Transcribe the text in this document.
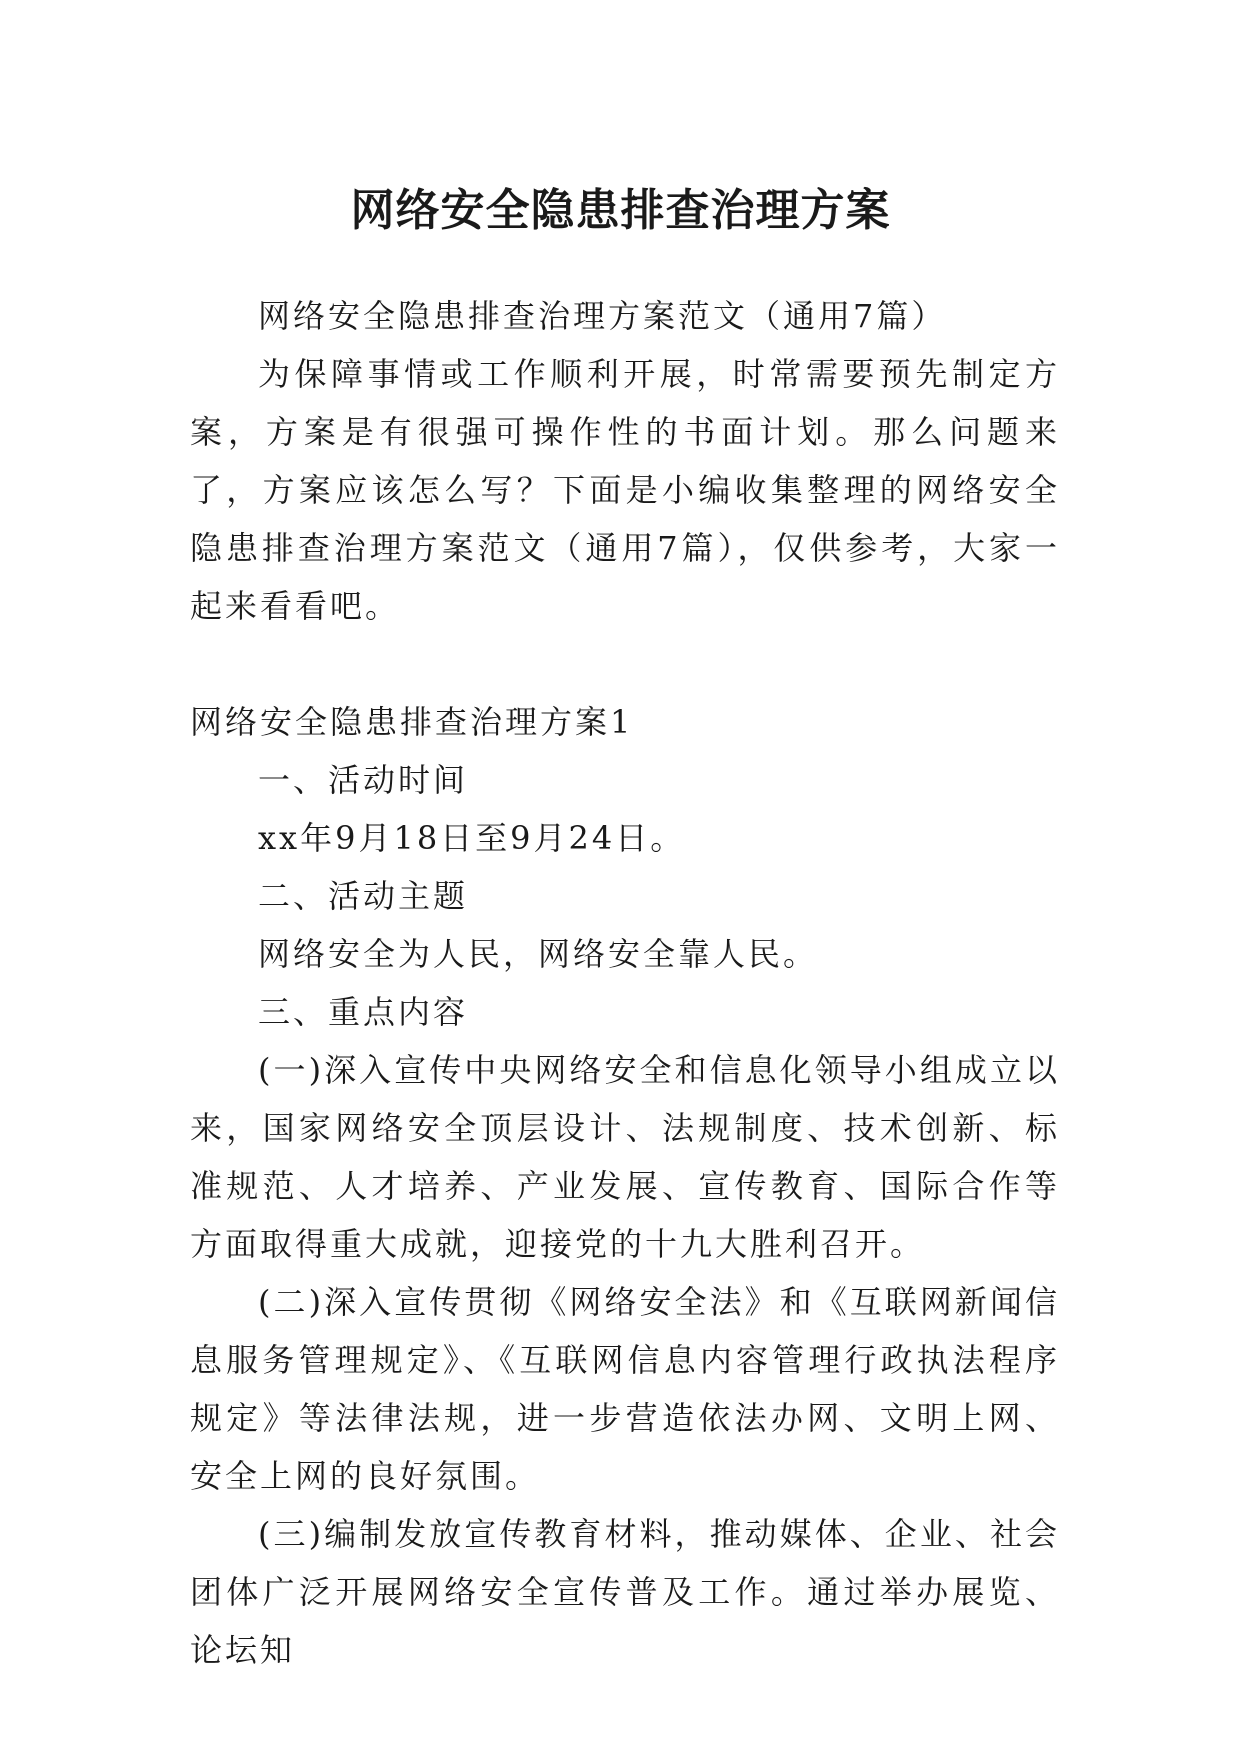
网络安全隐患排查治理方案

网络安全隐患排查治理方案范文（通用7篇）

为保障事情或工作顺利开展，时常需要预先制定方案，方案是有很强可操作性的书面计划。那么问题来了，方案应该怎么写？下面是小编收集整理的网络安全隐患排查治理方案范文（通用7篇），仅供参考，大家一起来看看吧。

网络安全隐患排查治理方案1

一、活动时间

xx年9月18日至9月24日。

二、活动主题

网络安全为人民，网络安全靠人民。

三、重点内容

(一)深入宣传中央网络安全和信息化领导小组成立以来，国家网络安全顶层设计、法规制度、技术创新、标准规范、人才培养、产业发展、宣传教育、国际合作等方面取得重大成就，迎接党的十九大胜利召开。

(二)深入宣传贯彻《网络安全法》和《互联网新闻信息服务管理规定》、《互联网信息内容管理行政执法程序规定》等法律法规，进一步营造依法办网、文明上网、安全上网的良好氛围。

(三)编制发放宣传教育材料，推动媒体、企业、社会团体广泛开展网络安全宣传普及工作。通过举办展览、论坛知
